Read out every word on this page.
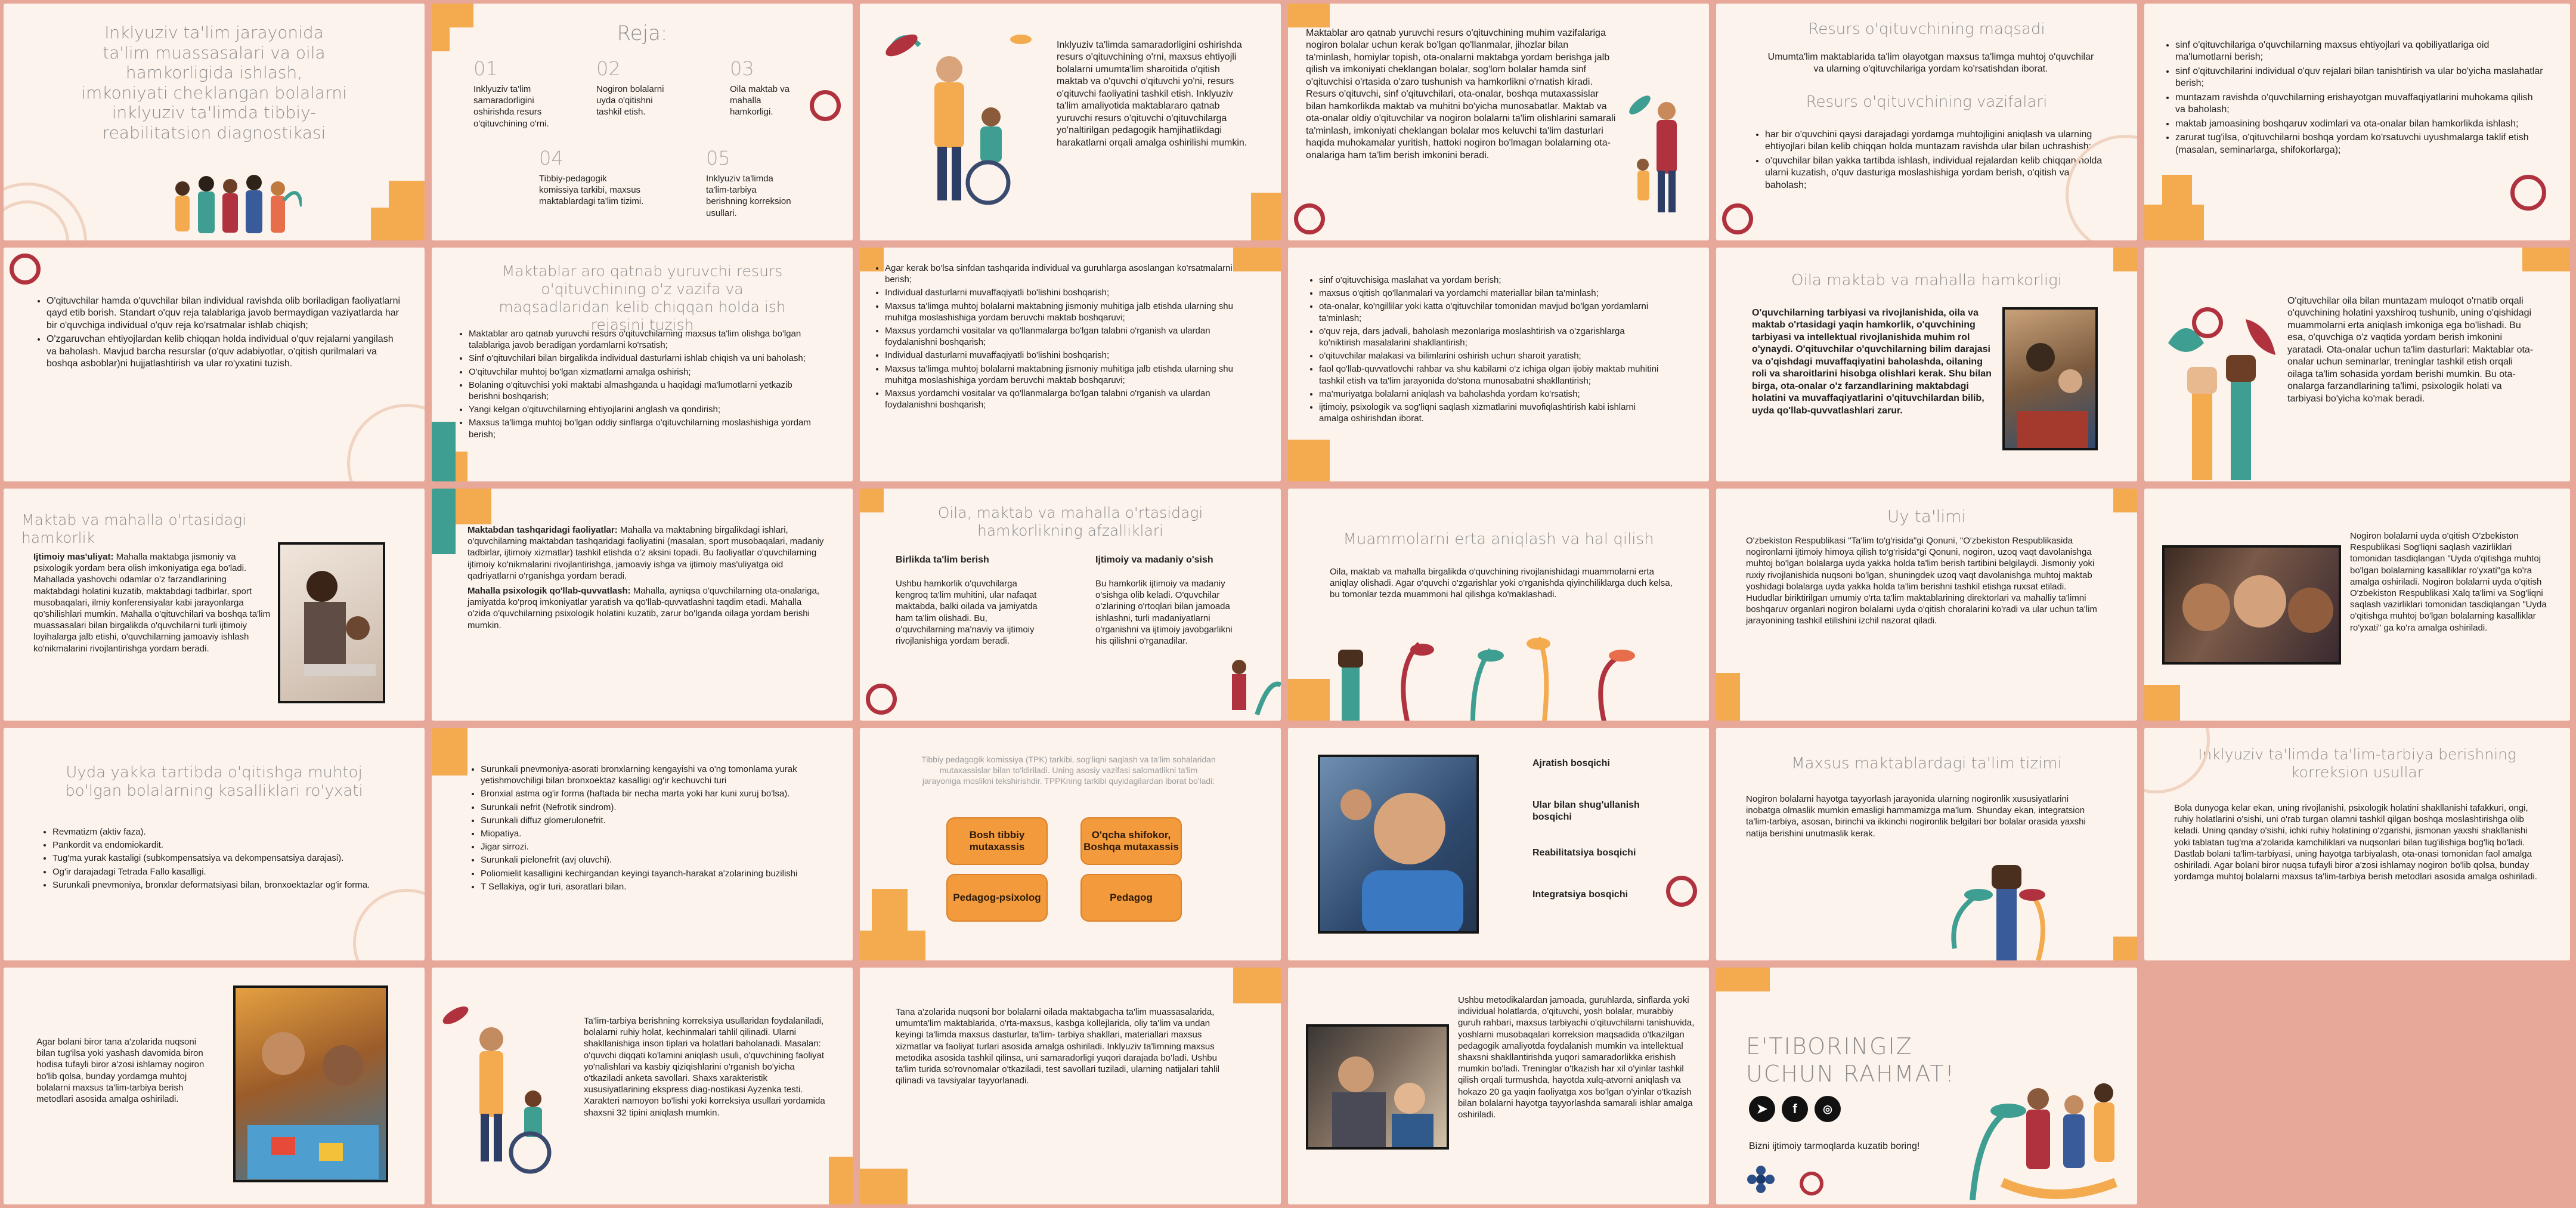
Inklyuziv ta'lim jarayonida ta'lim muassasalari va oila hamkorligida ishlash, imkoniyati cheklangan bolalarni inklyuziv ta'limda tibbiy-reabilitatsion diagnostikasi
Reja:
01
Inklyuziv ta'lim samaradorligini oshirishda resurs o'qituvchining o'rni.
02
Nogiron bolalarni uyda o'qitishni tashkil etish.
03
Oila maktab va mahalla hamkorligi.
04
Tibbiy-pedagogik komissiya tarkibi, maxsus maktablardagi ta'lim tizimi.
05
Inklyuziv ta'limda ta'lim-tarbiya berishning korreksion usullari.
Inklyuziv ta'limda samaradorligini oshirishda resurs o'qituvchining o'rni, maxsus ehtiyojli bolalarni umumta'lim sharoitida o'qitish maktab va o'quvchi o'qituvchi yo'ni, resurs o'qituvchi faoliyatini tashkil etish. Inklyuziv ta'lim amaliyotida maktablararo qatnab yuruvchi resurs o'qituvchi o'qituvchilarga yo'naltirilgan pedagogik hamjihatlikdagi harakatlarni orqali amalga oshirilishi mumkin.
Maktablar aro qatnab yuruvchi resurs o'qituvchining muhim vazifalariga nogiron bolalar uchun kerak bo'lgan qo'llanmalar, jihozlar bilan ta'minlash, homiylar topish, ota-onalarni maktabga yordam berishga jalb qilish va imkoniyati cheklangan bolalar, sog'lom bolalar hamda sinf o'qituvchisi o'rtasida o'zaro tushunish va hamkorlikni o'rnatish kiradi. Resurs o'qituvchi, sinf o'qituvchilari, ota-onalar, boshqa mutaxassislar bilan hamkorlikda maktab va muhitni bo'yicha munosabatlar. Maktab va ota-onalar oldiy o'qituvchilar va nogiron bolalarni ta'lim olishlarini samarali ta'minlash, imkoniyati cheklangan bolalar mos keluvchi ta'lim dasturlari haqida muhokamalar yuritish, hattoki nogiron bo'lmagan bolalarning ota-onalariga ham ta'lim berish imkonini beradi.
Resurs o'qituvchining maqsadi
Umumta'lim maktablarida ta'lim olayotgan maxsus ta'limga muhtoj o'quvchilar va ularning o'qituvchilariga yordam ko'rsatishdan iborat.
Resurs o'qituvchining vazifalari
• har bir o'quvchini qaysi darajadagi yordamga muhtojligini aniqlash va ularning ehtiyojlari bilan kelib chiqqan holda muntazam ravishda ular bilan uchrashish;
• o'quvchilar bilan yakka tartibda ishlash, individual rejalardan kelib chiqqan holda ularni kuzatish, o'quv dasturiga moslashishiga yordam berish, o'qitish va baholash;
• sinf o'qituvchilariga o'quvchilarning maxsus ehtiyojlari va qobiliyatlariga oid ma'lumotlarni berish;
• sinf o'qituvchilarini individual o'quv rejalari bilan tanishtirish va ular bo'yicha maslahatlar berish;
• muntazam ravishda o'quvchilarning erishayotgan muvaffaqiyatlarini muhokama qilish va baholash;
• maktab jamoasining boshqaruv xodimlari va ota-onalar bilan hamkorlikda ishlash;
• zarurat tug'ilsa, o'qituvchilarni boshqa yordam ko'rsatuvchi uyushmalarga taklif etish (masalan, seminarlarga, shifokorlarga);
• O'qituvchilar hamda o'quvchilar bilan individual ravishda olib boriladigan faoliyatlarni qayd etib borish. Standart o'quv reja talablariga javob bermaydigan vaziyatlarda har bir o'quvchiga individual o'quv reja ko'rsatmalar ishlab chiqish;
• O'zgaruvchan ehtiyojlardan kelib chiqqan holda individual o'quv rejalarni yangilash va baholash. Mavjud barcha resurslar (o'quv adabiyotlar, o'qitish qurilmalari va boshqa asboblar)ni hujjatlashtirish va ular ro'yxatini tuzish.
Maktablar aro qatnab yuruvchi resurs o'qituvchining o'z vazifa va maqsadlaridan kelib chiqqan holda ish rejasini tuzish
• Maktablar aro qatnab yuruvchi resurs o'qituvchilarning maxsus ta'lim olishga bo'lgan talablariga javob beradigan yordamlarni ko'rsatish;
• Sinf o'qituvchilari bilan birgalikda individual dasturlarni ishlab chiqish va uni baholash;
• O'qituvchilar muhtoj bo'lgan xizmatlarni amalga oshirish;
• Bolaning o'qituvchisi yoki maktabi almashganda u haqidagi ma'lumotlarni yetkazib berishni boshqarish;
• Yangi kelgan o'qituvchilarning ehtiyojlarini anglash va qondirish;
• Maxsus ta'limga muhtoj bo'lgan oddiy sinflarga o'qituvchilarning moslashishiga yordam berish;
• Agar kerak bo'lsa sinfdan tashqarida individual va guruhlarga asoslangan ko'rsatmalarni berish;
• Individual dasturlarni muvaffaqiyatli bo'lishini boshqarish;
• Maxsus ta'limga muhtoj bolalarni maktabning jismoniy muhitiga jalb etishda ularning shu muhitga moslashishiga yordam beruvchi maktab boshqaruvi;
• Maxsus yordamchi vositalar va qo'llanmalarga bo'lgan talabni o'rganish va ulardan foydalanishni boshqarish;
• Individual dasturlarni muvaffaqiyatli bo'lishini boshqarish;
• Maxsus ta'limga muhtoj bolalarni maktabning jismoniy muhitiga jalb etishda ularning shu muhitga moslashishiga yordam beruvchi maktab boshqaruvi;
• Maxsus yordamchi vositalar va qo'llanmalarga bo'lgan talabni o'rganish va ulardan foydalanishni boshqarish;
• sinf o'qituvchisiga maslahat va yordam berish;
• maxsus o'qitish qo'llanmalari va yordamchi materiallar bilan ta'minlash;
• ota-onalar, ko'ngillilar yoki katta o'qituvchilar tomonidan mavjud bo'lgan yordamlarni ta'minlash;
• o'quv reja, dars jadvali, baholash mezonlariga moslashtirish va o'zgarishlarga ko'niktirish masalalarini shakllantirish;
• o'qituvchilar malakasi va bilimlarini oshirish uchun sharoit yaratish;
• faol qo'llab-quvvatlovchi rahbar va shu kabilarni o'z ichiga olgan ijobiy maktab muhitini tashkil etish va ta'lim jarayonida do'stona munosabatni shakllantirish;
• ma'muriyatga bolalarni aniqlash va baholashda yordam ko'rsatish;
• ijtimoiy, psixologik va sog'liqni saqlash xizmatlarini muvofiqlashtirish kabi ishlarni amalga oshirishdan iborat.
Oila maktab va mahalla hamkorligi
O'quvchilarning tarbiyasi va rivojlanishida, oila va maktab o'rtasidagi yaqin hamkorlik, o'quvchining tarbiyasi va intellektual rivojlanishida muhim rol o'ynaydi. O'qituvchilar o'quvchilarning bilim darajasi va o'qishdagi muvaffaqiyatini baholashda, oilaning roli va sharoitlarini hisobga olishlari kerak. Shu bilan birga, ota-onalar o'z farzandlarining maktabdagi holatini va muvaffaqiyatlarini o'qituvchilardan bilib, uyda qo'llab-quvvatlashlari zarur.
O'qituvchilar oila bilan muntazam muloqot o'rnatib orqali o'quvchining holatini yaxshiroq tushunib, uning o'qishidagi muammolarni erta aniqlash imkoniga ega bo'lishadi. Bu esa, o'quvchiga o'z vaqtida yordam berish imkonini yaratadi. Ota-onalar uchun ta'lim dasturlari: Maktablar ota-onalar uchun seminarlar, treninglar tashkil etish orqali oilaga ta'lim sohasida yordam berishi mumkin. Bu ota-onalarga farzandlarining ta'limi, psixologik holati va tarbiyasi bo'yicha ko'mak beradi.
Maktab va mahalla o'rtasidagi hamkorlik
Ijtimoiy mas'uliyat: Mahalla maktabga jismoniy va psixologik yordam bera olish imkoniyatiga ega bo'ladi. Mahallada yashovchi odamlar o'z farzandlarining maktabdagi holatini kuzatib, maktabdagi tadbirlar, sport musobaqalari, ilmiy konferensiyalar kabi jarayonlarga qo'shilishlari mumkin. Mahalla o'qituvchilari va boshqa ta'lim muassasalari bilan birgalikda o'quvchilarni turli ijtimoiy loyihalarga jalb etishi, o'quvchilarning jamoaviy ishlash ko'nikmalarini rivojlantirishga yordam beradi.

Maktabdan tashqaridagi faoliyatlar: Mahalla va maktabning birgalikdagi ishlari, o'quvchilarning maktabdan tashqaridagi faoliyatini (masalan, sport musobaqalari, madaniy tadbirlar, ijtimoiy xizmatlar) tashkil etishda o'z aksini topadi. Bu faoliyatlar o'quvchilarning ijtimoiy ko'nikmalarini rivojlantirishga, jamoaviy ishga va ijtimoiy mas'uliyatga oid qadriyatlarni o'rganishga yordam beradi.

Mahalla psixologik qo'llab-quvvatlash: Mahalla, ayniqsa o'quvchilarning ota-onalariga, jamiyatda ko'proq imkoniyatlar yaratish va qo'llab-quvvatlashni taqdim etadi. Mahalla o'zida o'quvchilarning psixologik holatini kuzatib, zarur bo'lganda oilaga yordam berishi mumkin.

Oila, maktab va mahalla o'rtasidagi hamkorlikning afzalliklari
Birlikda ta'lim berish
Ushbu hamkorlik o'quvchilarga kengroq ta'lim muhitini, ular nafaqat maktabda, balki oilada va jamiyatda ham ta'lim olishadi. Bu, o'quvchilarning ma'naviy va ijtimoiy rivojlanishiga yordam beradi.
Ijtimoiy va madaniy o'sish
Bu hamkorlik ijtimoiy va madaniy o'sishga olib keladi. O'quvchilar o'zlarining o'rtoqlari bilan jamoada ishlashni, turli madaniyatlarni o'rganishni va ijtimoiy javobgarlikni his qilishni o'rganadilar.
Muammolarni erta aniqlash va hal qilish
Oila, maktab va mahalla birgalikda o'quvchining rivojlanishidagi muammolarni erta aniqlay olishadi. Agar o'quvchi o'zgarishlar yoki o'rganishda qiyinchiliklarga duch kelsa, bu tomonlar tezda muammoni hal qilishga ko'maklashadi.
Uy ta'limi
O'zbekiston Respublikasi "Ta'lim to'g'risida"gi Qonuni, "O'zbekiston Respublikasida nogironlarni ijtimoiy himoya qilish to'g'risida"gi Qonuni, nogiron, uzoq vaqt davolanishga muhtoj bo'lgan bolalarga uyda yakka holda ta'lim berish tartibini belgilaydi. Jismoniy yoki ruxiy rivojlanishida nuqsoni bo'lgan, shuningdek uzoq vaqt davolanishga muhtoj maktab yoshidagi bolalarga uyda yakka holda ta'lim berishni tashkil etishga ruxsat etiladi. Hududlar biriktirilgan umumiy o'rta ta'lim maktablarining direktorlari va mahalliy ta'limni boshqaruv organlari nogiron bolalarni uyda o'qitish choralarini ko'radi va ular uchun ta'lim jarayonining tashkil etilishini izchil nazorat qiladi.
Nogiron bolalarni uyda o'qitish O'zbekiston Respublikasi Sog'liqni saqlash vazirliklari tomonidan tasdiqlangan "Uyda o'qitishga muhtoj bo'lgan bolalarning kasalliklar ro'yxati"ga ko'ra amalga oshiriladi. Nogiron bolalarni uyda o'qitish O'zbekiston Respublikasi Xalq ta'limi va Sog'liqni saqlash vazirliklari tomonidan tasdiqlangan "Uyda o'qitishga muhtoj bo'lgan bolalarning kasalliklar ro'yxati" ga ko'ra amalga oshiriladi.
Uyda yakka tartibda o'qitishga muhtoj bo'lgan bolalarning kasalliklari ro'yxati
• Revmatizm (aktiv faza).
• Pankordit va endomiokardit.
• Tug'ma yurak kastaligi (subkompensatsiya va dekompensatsiya darajasi).
• Og'ir darajadagi Tetrada Fallo kasalligi.
• Surunkali pnevmoniya, bronxlar deformatsiyasi bilan, bronxoektazlar og'ir forma.
• Surunkali pnevmoniya-asorati bronxlarning kengayishi va o'ng tomonlama yurak yetishmovchiligi bilan bronxoektaz kasalligi og'ir kechuvchi turi
• Bronxial astma og'ir forma (haftada bir necha marta yoki har kuni xuruj bo'lsa).
• Surunkali nefrit (Nefrotik sindrom).
• Surunkali diffuz glomerulonefrit.
• Miopatiya.
• Jigar sirrozi.
• Surunkali pielonefrit (avj oluvchi).
• Poliomielit kasalligini kechirgandan keyingi tayanch-harakat a'zolarining buzilishi
• T Sellakiya, og'ir turi, asoratlari bilan.
Tibbiy pedagogik komissiya (TPK) tarkibi, sog'liqni saqlash va ta'lim sohalaridan mutaxassislar bilan to'ldiriladi. Uning asosiy vazifasi salomatlikni ta'lim jarayoniga moslikni tekshirishdir. TPPKning tarkibi quyidagilardan iborat bo'ladi:
Bosh tibbiy mutaxassis
O'qcha shifokor, Boshqa mutaxassis
Pedagog-psixolog	Pedagog
Ajratish bosqichi
Ular bilan shug'ullanish bosqichi
Reabilitatsiya bosqichi
Integratsiya bosqichi
Maxsus maktablardagi ta'lim tizimi
Nogiron bolalarni hayotga tayyorlash jarayonida ularning nogironlik xususiyatlarini inobatga olmaslik mumkin emasligi hammamizga ma'lum. Shunday ekan, integratsion ta'lim-tarbiya, asosan, birinchi va ikkinchi nogironlik belgilari bor bolalar orasida yaxshi natija berishini unutmaslik kerak.
Inklyuziv ta'limda ta'lim-tarbiya berishning korreksion usullar
Bola dunyoga kelar ekan, uning rivojlanishi, psixologik holatini shakllanishi tafakkuri, ongi, ruhiy holatlarini o'sishi, uni o'rab turgan olamni tashkil qilgan boshqa moslashtirishga olib keladi. Uning qanday o'sishi, ichki ruhiy holatining o'zgarishi, jismonan yaxshi shakllanishi yoki tablatan tug'ma a'zolarida kamchiliklari va nuqsonlari bilan tug'ilishiga bog'liq bo'ladi. Dastlab bolani ta'lim-tarbiyasi, uning hayotga tarbiyalash, ota-onasi tomonidan faol amalga oshiriladi. Agar bolani biror nuqsa tufayli biror a'zosi ishlamay nogiron bo'lib qolsa, bunday yordamga muhtoj bolalarni maxsus ta'lim-tarbiya berish metodlari asosida amalga oshiriladi.
Agar bolani biror tana a'zolarida nuqsoni bilan tug'ilsa yoki yashash davomida biron hodisa tufayli biror a'zosi ishlamay nogiron bo'lib qolsa, bunday yordamga muhtoj bolalarni maxsus ta'lim-tarbiya berish metodlari asosida amalga oshiriladi.
Ta'lim-tarbiya berishning korreksiya usullaridan foydalaniladi, bolalarni ruhiy holat, kechinmalari tahlil qilinadi. Ularni shakllanishiga inson tiplari va holatlari baholanadi. Masalan: o'quvchi diqqati ko'lamini aniqlash usuli, o'quvchining faoliyat yo'nalishlari va kasbiy qiziqishlarini o'rganish bo'yicha o'tkaziladi anketa savollari. Shaxs xarakteristik xususiyatlarining ekspress diag-nostikasi Ayzenka testi. Xarakteri namoyon bo'lishi yoki korreksiya usullari yordamida shaxsni 32 tipini aniqlash mumkin.
Tana a'zolarida nuqsoni bor bolalarni oilada maktabgacha ta'lim muassasalarida, umumta'lim maktablarida, o'rta-maxsus, kasbga kollejlarida, oliy ta'lim va undan keyingi ta'limda maxsus dasturlar, ta'lim- tarbiya shakllari, materiallari maxsus xizmatlar va faoliyat turlari asosida amalga oshiriladi. Inklyuziv ta'limning maxsus metodika asosida tashkil qilinsa, uni samaradorligi yuqori darajada bo'ladi. Ushbu ta'lim turida so'rovnomalar o'tkaziladi, test savollari tuziladi, ularning natijalari tahlil qilinadi va tavsiyalar tayyorlanadi.
Ushbu metodikalardan jamoada, guruhlarda, sinflarda yoki individual holatlarda, o'qituvchi, yosh bolalar, murabbiy guruh rahbari, maxsus tarbiyachi o'qituvchilarni tanishuvida, yoshlarni musobaqalari korreksion maqsadida o'tkazilgan pedagogik amaliyotda foydalanish mumkin va intellektual shaxsni shakllantirishda yuqori samaradorlikka erishish mumkin bo'ladi. Treninglar o'tkazish har xil o'yinlar tashkil qilish orqali turmushda, hayotda xulq-atvorni aniqlash va hokazo 20 ga yaqin faoliyatga xos bo'lgan o'yinlar o'tkazish bilan bolalarni hayotga tayyorlashda samarali ishlar amalga oshiriladi.
E'TIBORINGIZ UCHUN RAHMAT!
➤	f	◎
Bizni ijtimoiy tarmoqlarda kuzatib boring!
